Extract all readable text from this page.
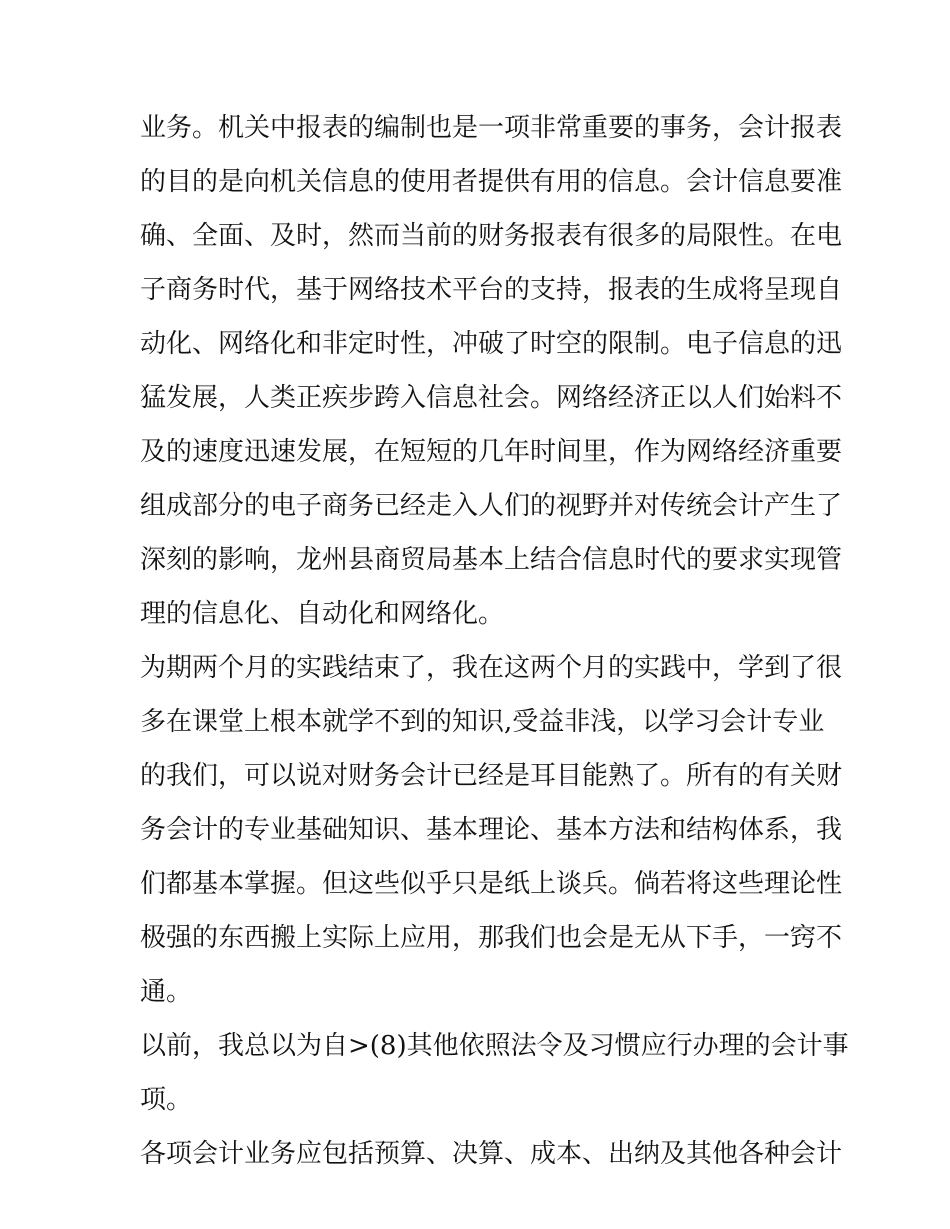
业务。机关中报表的编制也是一项非常重要的事务，会计报表
的目的是向机关信息的使用者提供有用的信息。会计信息要准
确、全面、及时，然而当前的财务报表有很多的局限性。在电
子商务时代，基于网络技术平台的支持，报表的生成将呈现自
动化、网络化和非定时性，冲破了时空的限制。电子信息的迅
猛发展，人类正疾步跨入信息社会。网络经济正以人们始料不
及的速度迅速发展，在短短的几年时间里，作为网络经济重要
组成部分的电子商务已经走入人们的视野并对传统会计产生了
深刻的影响，龙州县商贸局基本上结合信息时代的要求实现管
理的信息化、自动化和网络化。
为期两个月的实践结束了，我在这两个月的实践中，学到了很
多在课堂上根本就学不到的知识,受益非浅，以学习会计专业
的我们，可以说对财务会计已经是耳目能熟了。所有的有关财
务会计的专业基础知识、基本理论、基本方法和结构体系，我
们都基本掌握。但这些似乎只是纸上谈兵。倘若将这些理论性
极强的东西搬上实际上应用，那我们也会是无从下手，一窍不
通。
以前，我总以为自>(8)其他依照法令及习惯应行办理的会计事
项。
各项会计业务应包括预算、决算、成本、出纳及其他各种会计
